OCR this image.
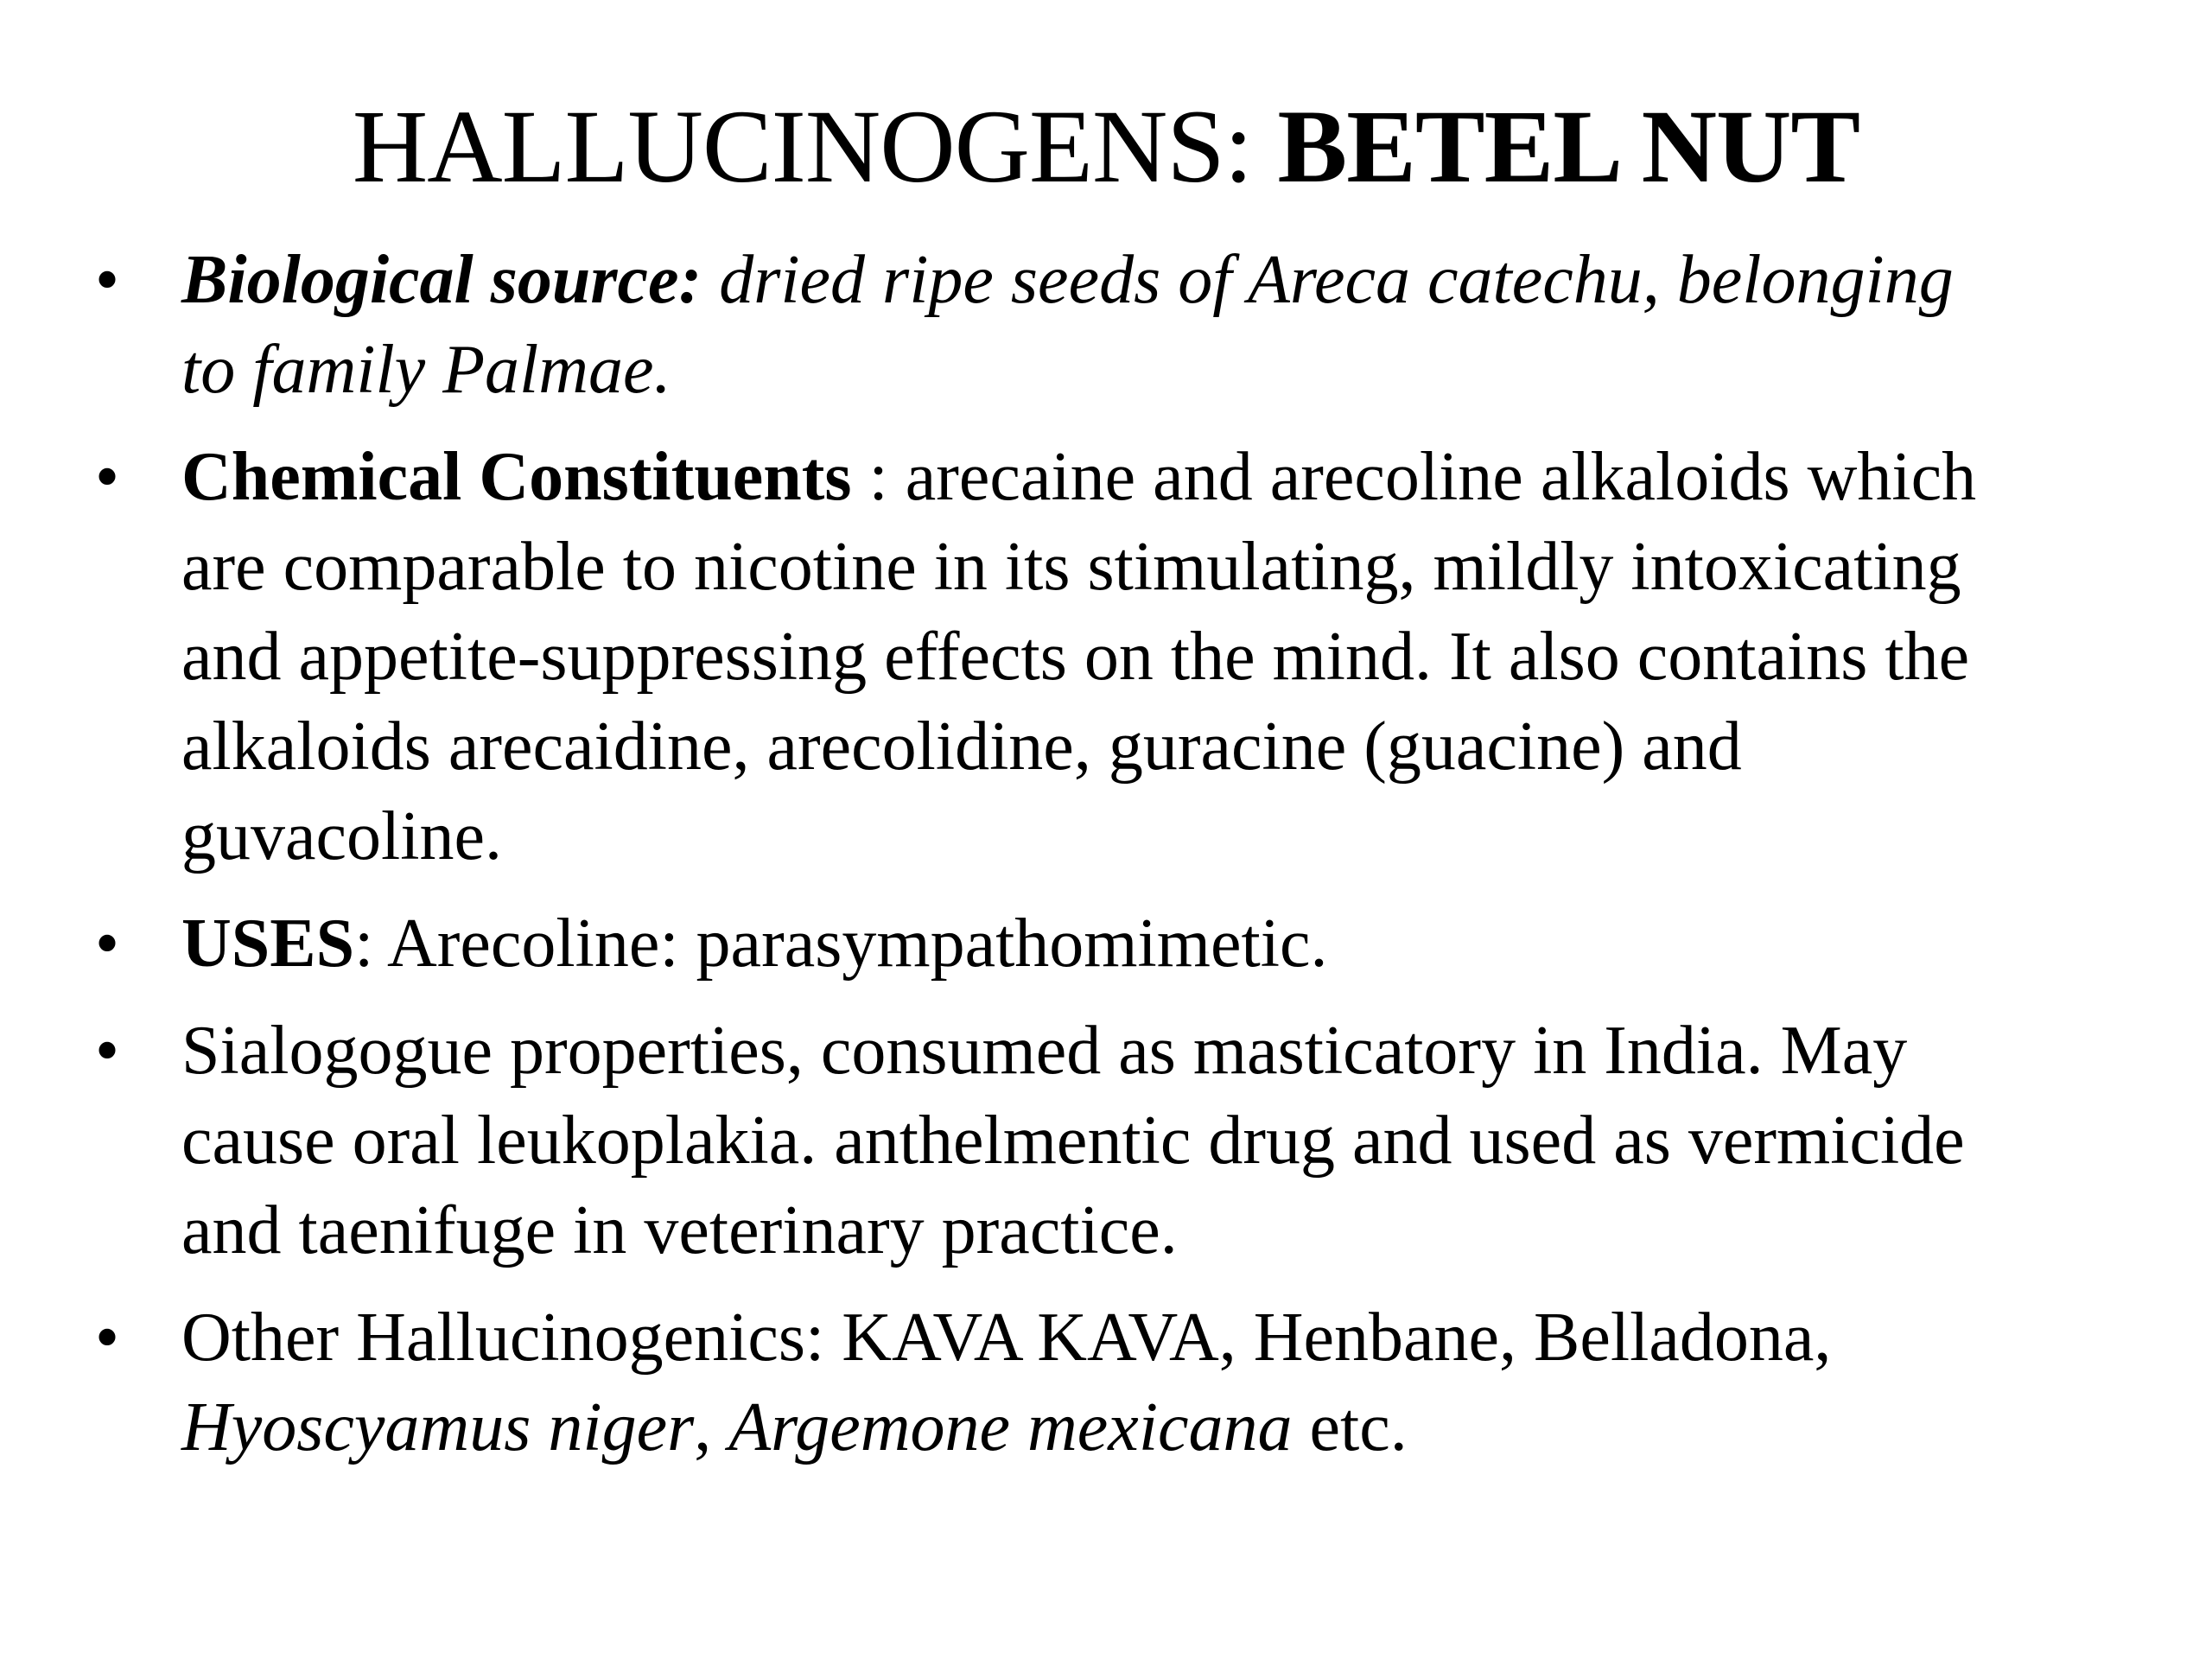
HALLUCINOGENS: BETEL NUT
• Biological source: dried ripe seeds of Areca catechu, belonging
to family Palmae.
• Chemical Constituents : arecaine and arecoline alkaloids which
are comparable to nicotine in its stimulating, mildly intoxicating
and appetite-suppressing effects on the mind. It also contains the
alkaloids arecaidine, arecolidine, guracine (guacine) and
guvacoline.
• USES: Arecoline: parasympathomimetic.
• Sialogogue properties, consumed as masticatory in India. May
cause oral leukoplakia. anthelmentic drug and used as vermicide
and taenifuge in veterinary practice.
• Other Hallucinogenics: KAVA KAVA, Henbane, Belladona,
Hyoscyamus niger, Argemone mexicana etc.
